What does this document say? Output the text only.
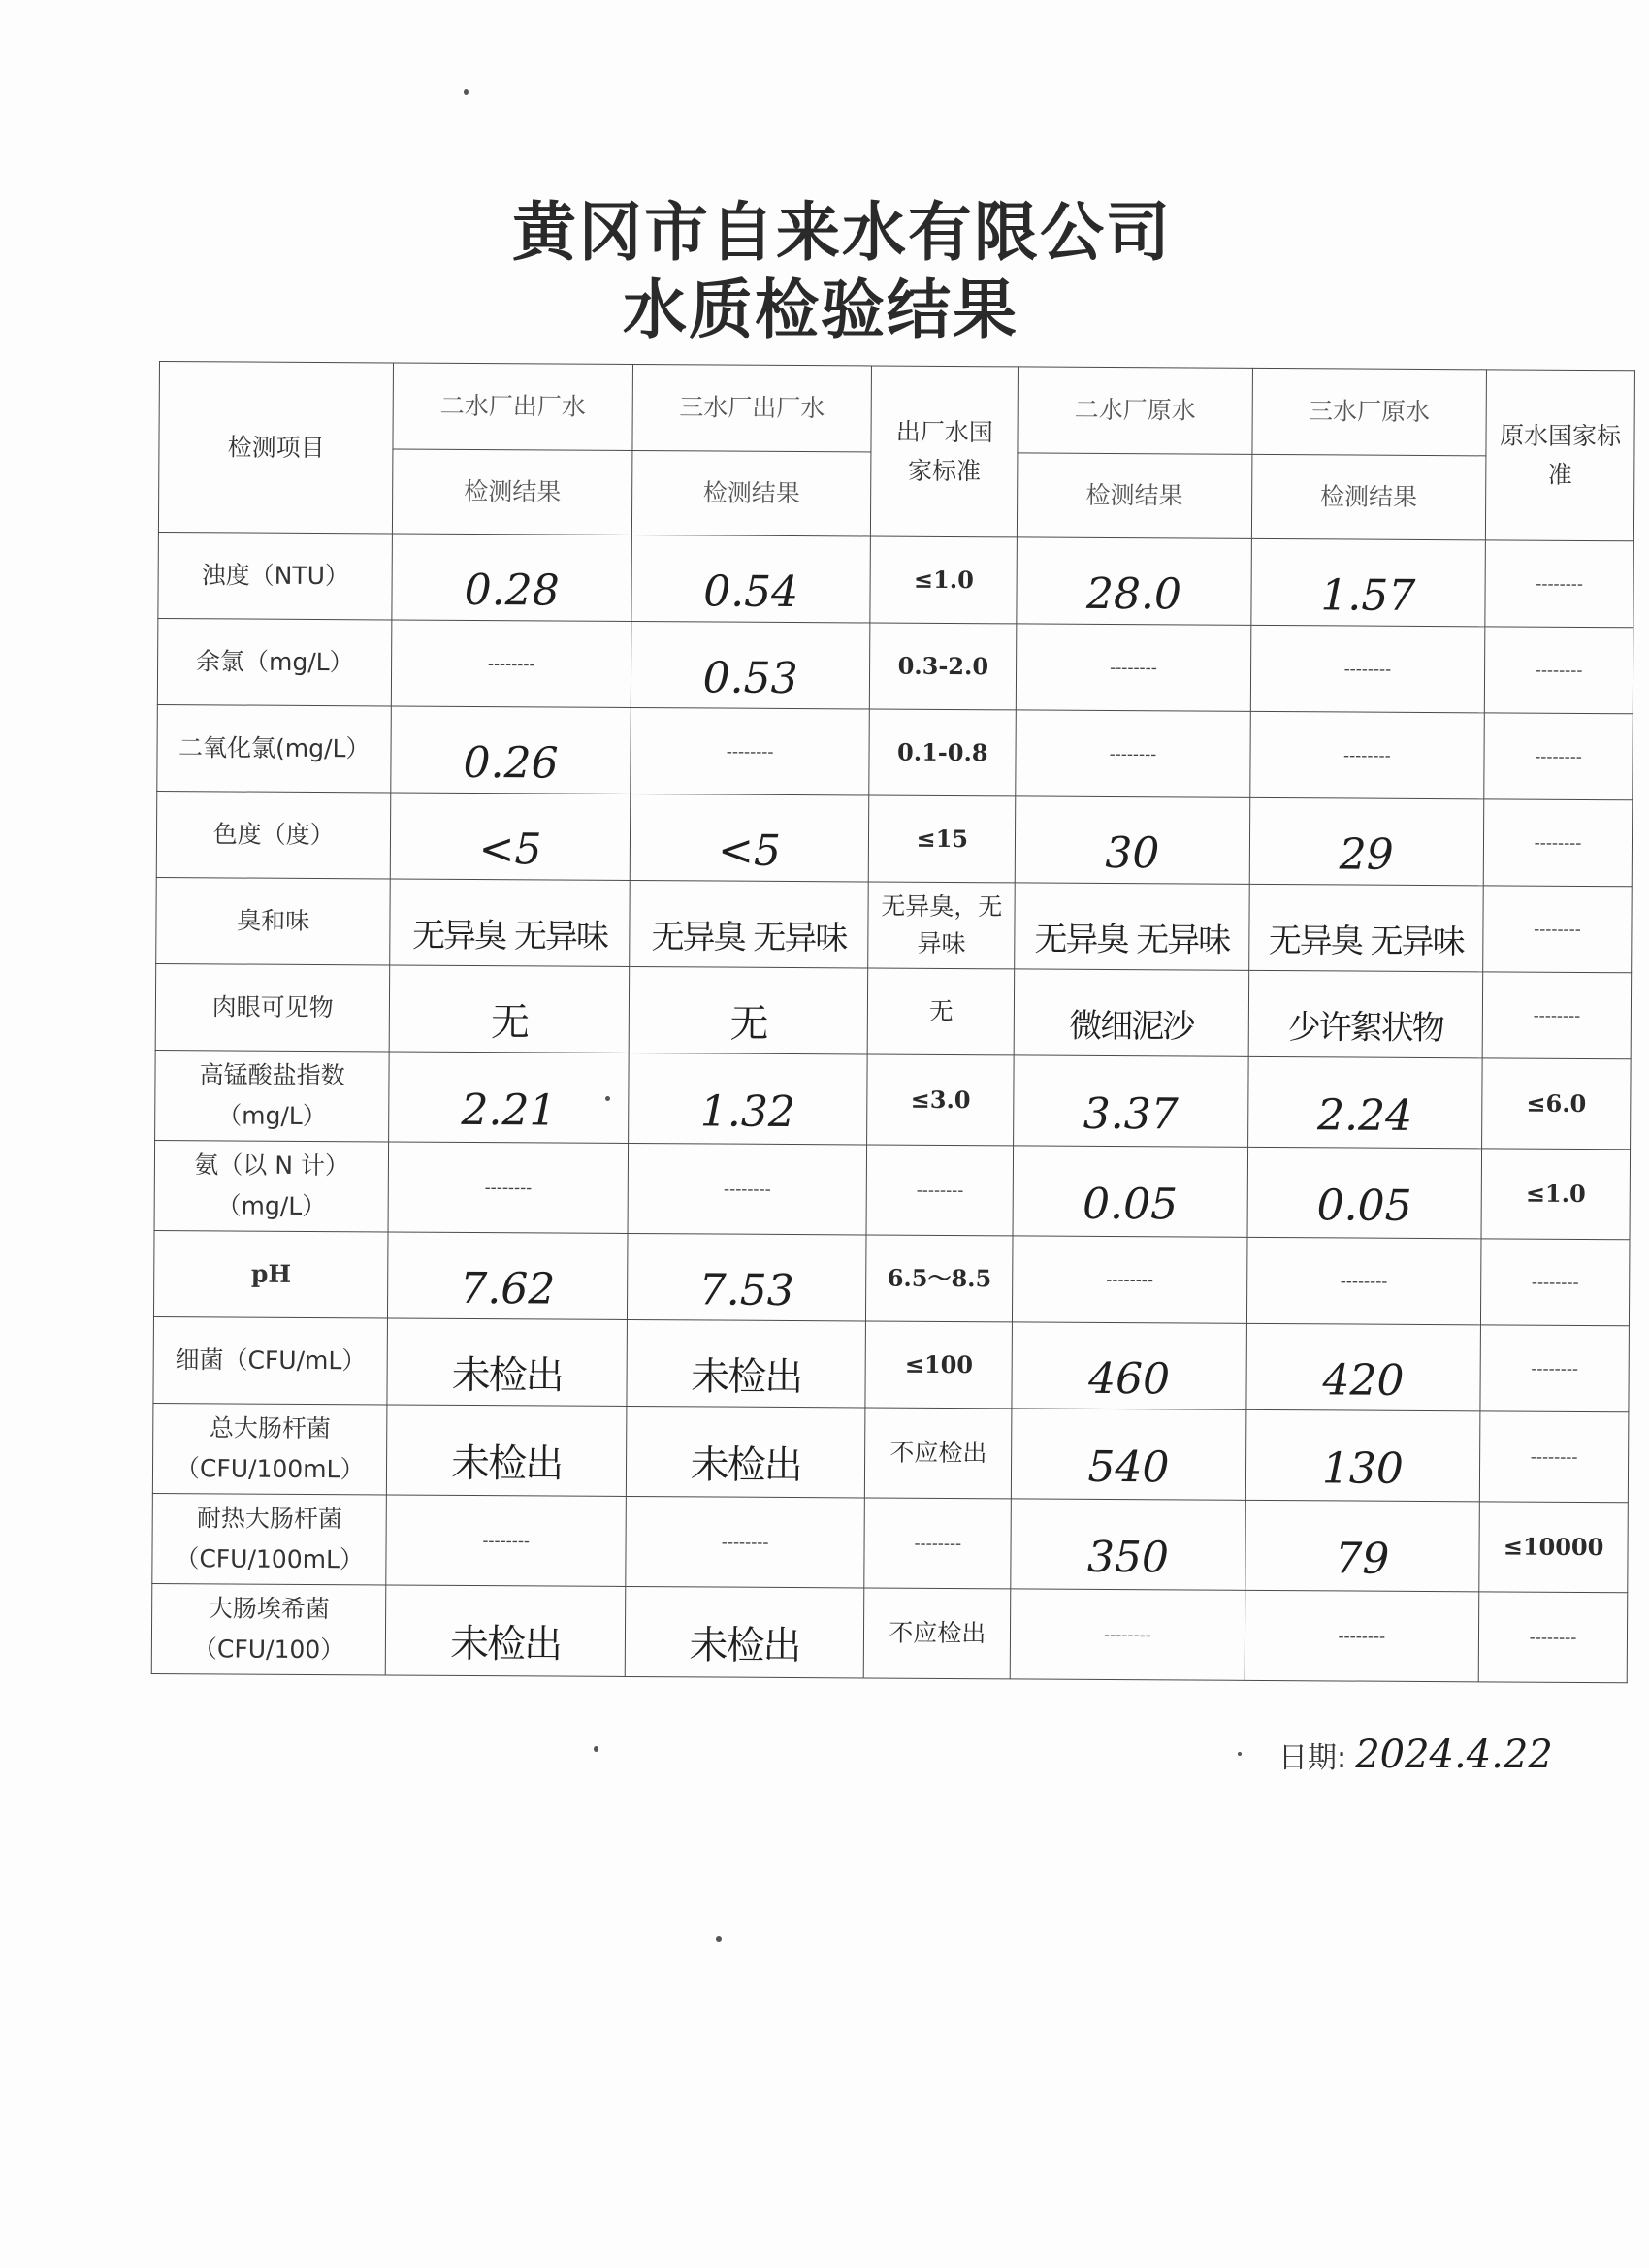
黄冈市自来水有限公司
水质检验结果
检测项目	二水厂出厂水	三水厂出厂水	出厂水国家标准	二水厂原水	三水厂原水	原水国家标准

	检测结果	检测结果		检测结果	检测结果	

浊度（NTU）	0.28	0.54	≤1.0	28.0	1.57	--------

余氯（mg/L）	--------	0.53	0.3-2.0	--------	--------	--------

二氧化氯(mg/L）	0.26	--------	0.1-0.8	--------	--------	--------

色度（度）	<5	<5	≤15	30	29	--------

臭和味	无异臭 无异味	无异臭 无异味	无异臭，无异味	无异臭 无异味	无异臭 无异味	--------

肉眼可见物	无	无	无	微细泥沙	少许絮状物	--------

高锰酸盐指数
（mg/L）	2.21	1.32	≤3.0	3.37	2.24	≤6.0

氨（以 N 计）
（mg/L）	--------	--------	--------	0.05	0.05	≤1.0

pH	7.62	7.53	6.5～8.5	--------	--------	--------

细菌（CFU/mL）	未检出	未检出	≤100	460	420	--------

总大肠杆菌
（CFU/100mL）	未检出	未检出	不应检出	540	130	--------

耐热大肠杆菌
（CFU/100mL）	--------	--------	--------	350	79	≤10000

大肠埃希菌
（CFU/100）	未检出	未检出	不应检出	--------	--------	--------
日期: 2024.4.22
